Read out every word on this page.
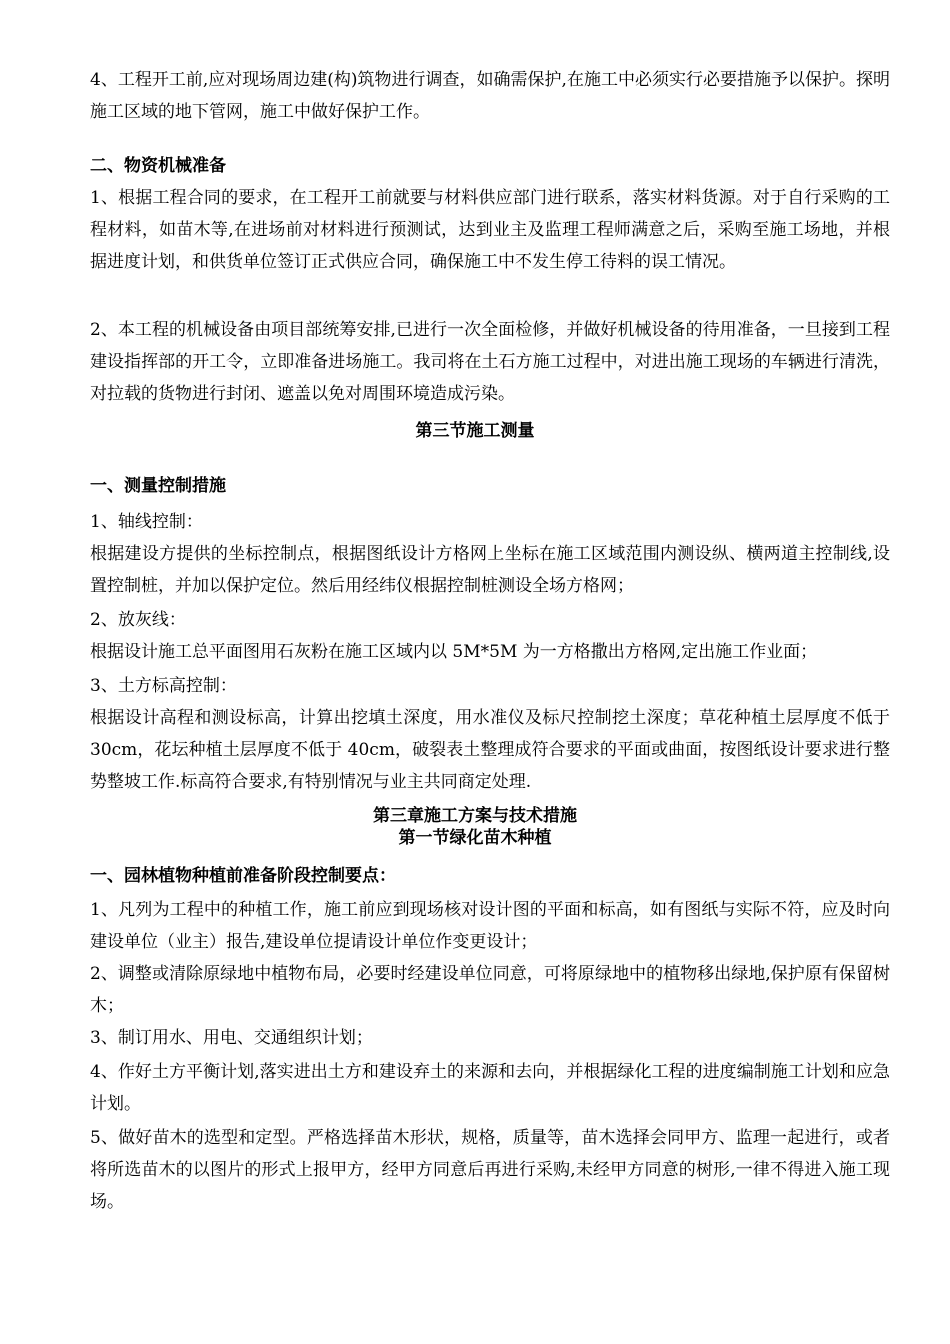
4、工程开工前,应对现场周边建(构)筑物进行调查，如确需保护,在施工中必须实行必要措施予以保护。探明施工区域的地下管网，施工中做好保护工作。

二、物资机械准备

1、根据工程合同的要求，在工程开工前就要与材料供应部门进行联系，落实材料货源。对于自行采购的工程材料，如苗木等,在进场前对材料进行预测试，达到业主及监理工程师满意之后，采购至施工场地，并根据进度计划，和供货单位签订正式供应合同，确保施工中不发生停工待料的误工情况。

2、本工程的机械设备由项目部统筹安排,已进行一次全面检修，并做好机械设备的待用准备，一旦接到工程建设指挥部的开工令，立即准备进场施工。我司将在土石方施工过程中，对进出施工现场的车辆进行清洗，对拉载的货物进行封闭、遮盖以免对周围环境造成污染。

第三节施工测量

一、测量控制措施

1、轴线控制：

根据建设方提供的坐标控制点，根据图纸设计方格网上坐标在施工区域范围内测设纵、横两道主控制线,设置控制桩，并加以保护定位。然后用经纬仪根据控制桩测设全场方格网；

2、放灰线：

根据设计施工总平面图用石灰粉在施工区域内以 5M*5M 为一方格撒出方格网,定出施工作业面；

3、土方标高控制：

根据设计高程和测设标高，计算出挖填土深度，用水准仪及标尺控制挖土深度；草花种植土层厚度不低于 30cm，花坛种植土层厚度不低于 40cm，破裂表土整理成符合要求的平面或曲面，按图纸设计要求进行整势整坡工作.标高符合要求,有特别情况与业主共同商定处理.

第三章施工方案与技术措施

第一节绿化苗木种植

一、园林植物种植前准备阶段控制要点：

1、凡列为工程中的种植工作，施工前应到现场核对设计图的平面和标高，如有图纸与实际不符，应及时向建设单位（业主）报告,建设单位提请设计单位作变更设计；

2、调整或清除原绿地中植物布局，必要时经建设单位同意，可将原绿地中的植物移出绿地,保护原有保留树木；

3、制订用水、用电、交通组织计划；

4、作好土方平衡计划,落实进出土方和建设弃土的来源和去向，并根据绿化工程的进度编制施工计划和应急计划。

5、做好苗木的选型和定型。严格选择苗木形状，规格，质量等，苗木选择会同甲方、监理一起进行，或者将所选苗木的以图片的形式上报甲方，经甲方同意后再进行采购,未经甲方同意的树形,一律不得进入施工现场。
